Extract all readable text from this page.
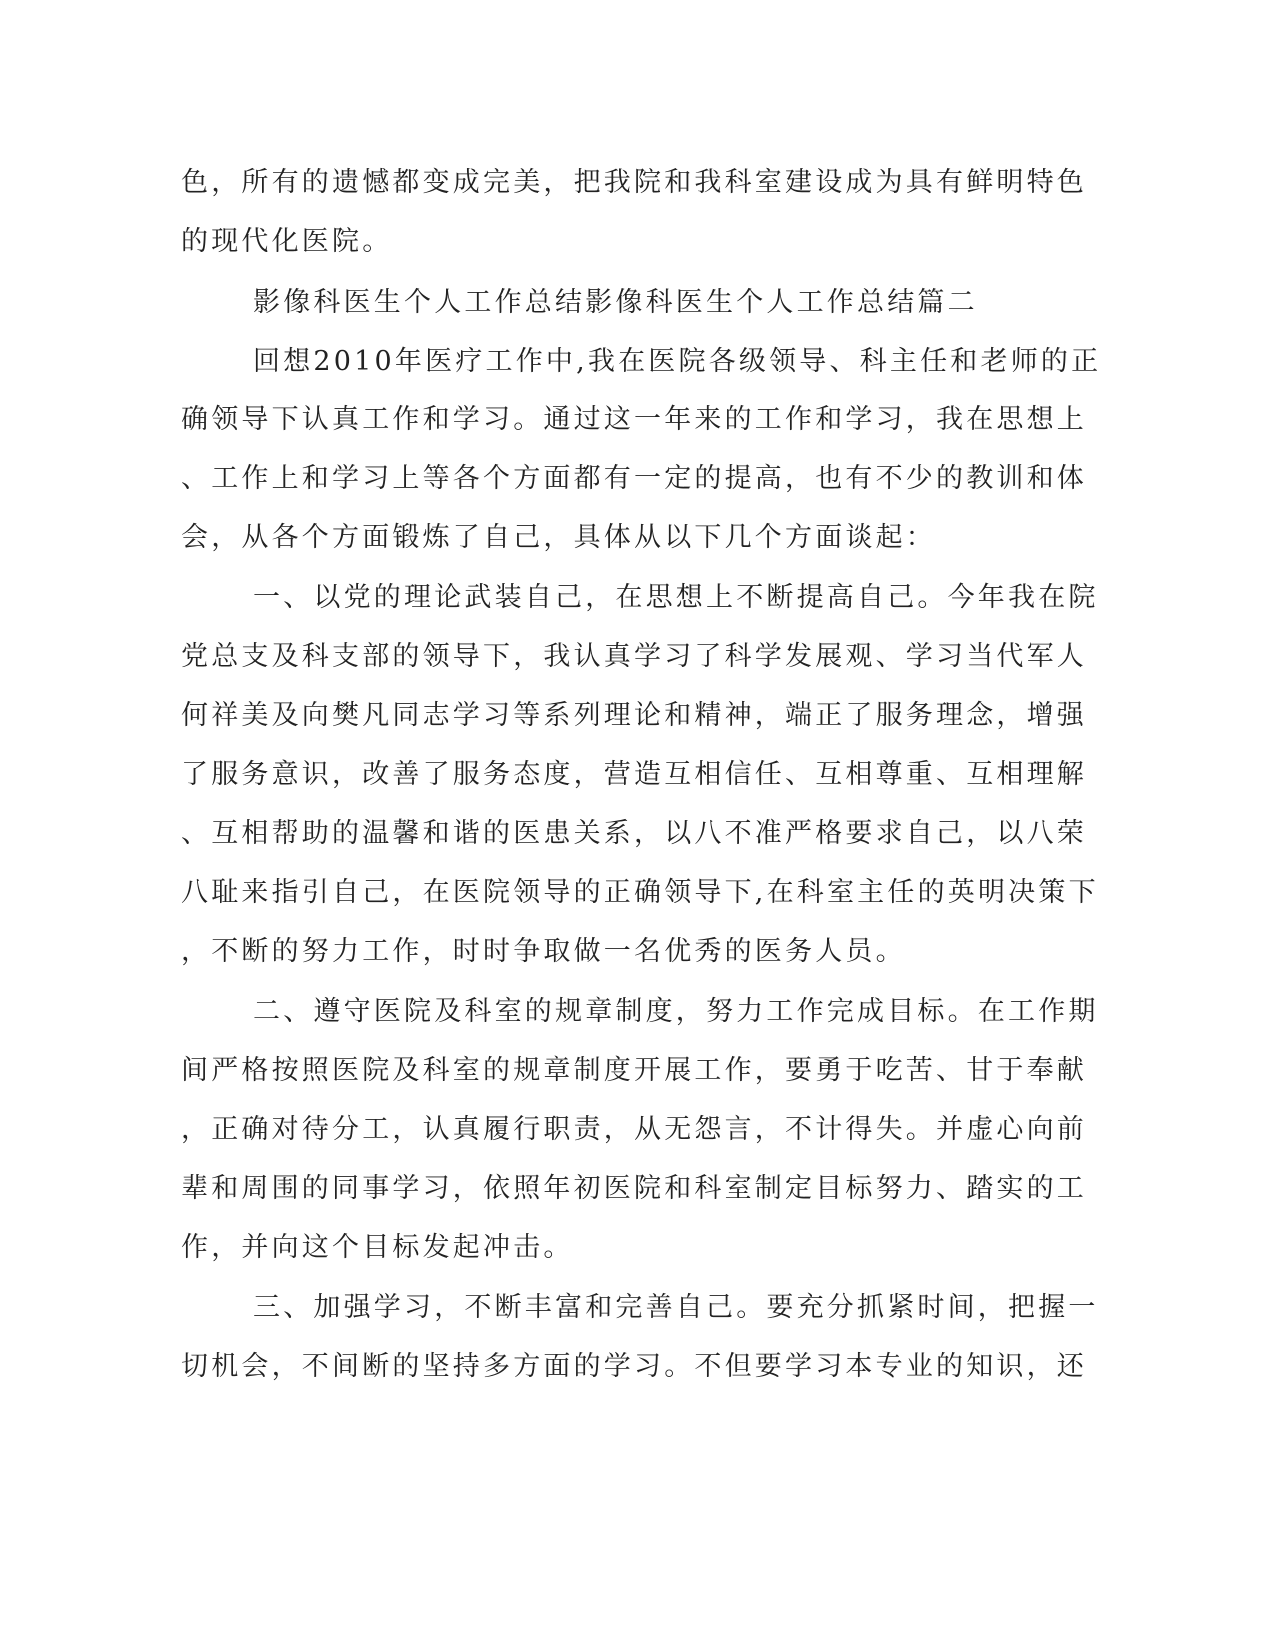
色，所有的遗憾都变成完美，把我院和我科室建设成为具有鲜明特色
的现代化医院。
影像科医生个人工作总结影像科医生个人工作总结篇二
回想2010年医疗工作中,我在医院各级领导、科主任和老师的正
确领导下认真工作和学习。通过这一年来的工作和学习，我在思想上
、工作上和学习上等各个方面都有一定的提高，也有不少的教训和体
会，从各个方面锻炼了自己，具体从以下几个方面谈起：
一、以党的理论武装自己，在思想上不断提高自己。今年我在院
党总支及科支部的领导下，我认真学习了科学发展观、学习当代军人
何祥美及向樊凡同志学习等系列理论和精神，端正了服务理念，增强
了服务意识，改善了服务态度，营造互相信任、互相尊重、互相理解
、互相帮助的温馨和谐的医患关系，以八不准严格要求自己，以八荣
八耻来指引自己，在医院领导的正确领导下,在科室主任的英明决策下
，不断的努力工作，时时争取做一名优秀的医务人员。
二、遵守医院及科室的规章制度，努力工作完成目标。在工作期
间严格按照医院及科室的规章制度开展工作，要勇于吃苦、甘于奉献
，正确对待分工，认真履行职责，从无怨言，不计得失。并虚心向前
辈和周围的同事学习，依照年初医院和科室制定目标努力、踏实的工
作，并向这个目标发起冲击。
三、加强学习，不断丰富和完善自己。要充分抓紧时间，把握一
切机会，不间断的坚持多方面的学习。不但要学习本专业的知识，还
